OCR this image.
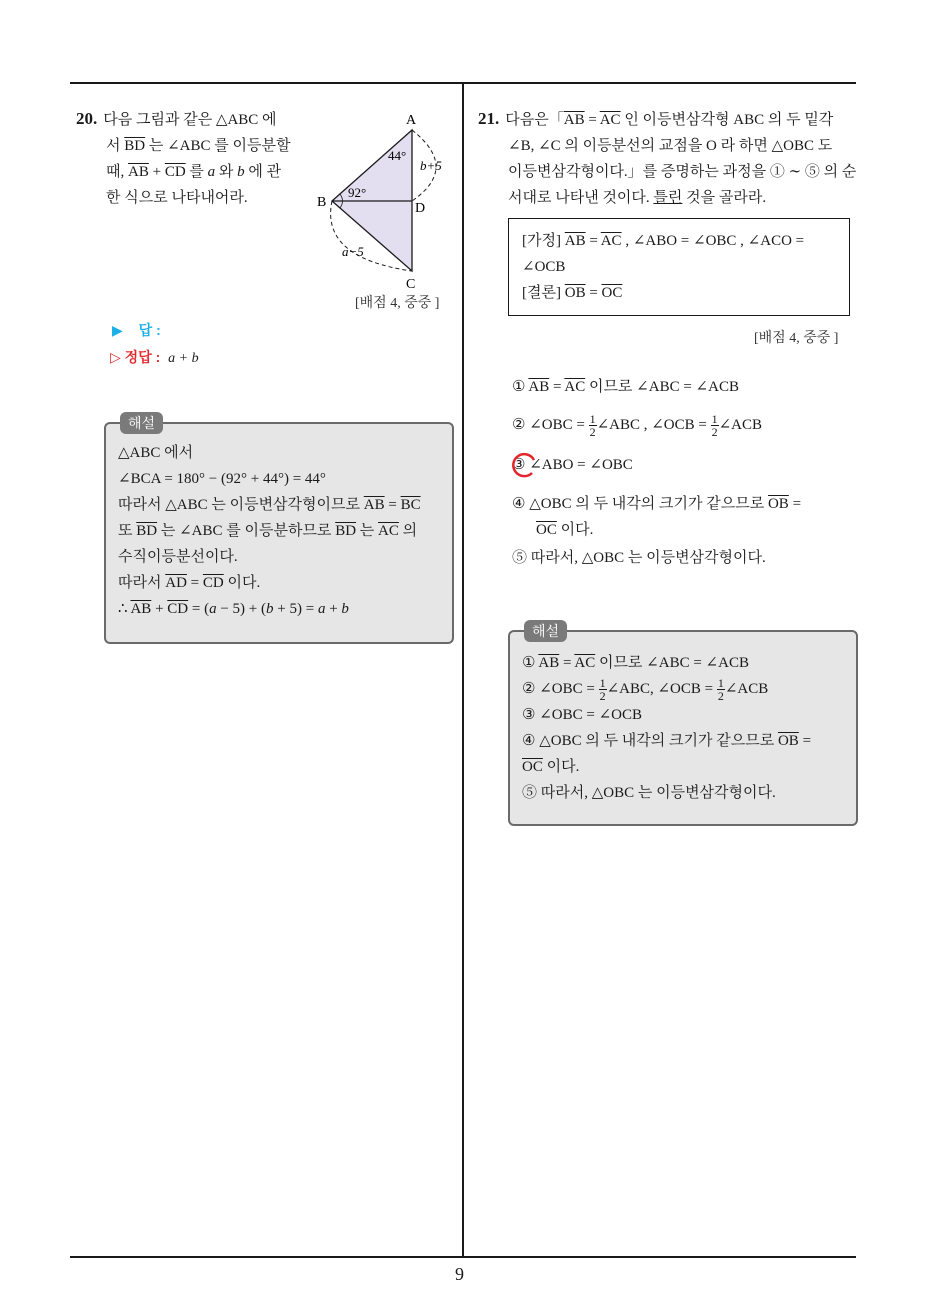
9
20. 다음 그림과 같은 △ABC 에
서 $\overline{BD}$ 는 ∠ABC 를 이등분할
때, $\overline{AB} + \overline{CD}$ 를 a 와 b 에 관
한 식으로 나타내어라.
A
B
C
D
44°
92°
b+5
a−5
[배점 4, 중중 ]
▶ 답 :
▷ 정답 : a + b
해설
△ABC 에서
∠BCA = 180° − (92° + 44°) = 44°
따라서 △ABC 는 이등변삼각형이므로 $\overline{AB} = \overline{BC}$
또 $\overline{BD}$ 는 ∠ABC 를 이등분하므로 $\overline{BD}$ 는 $\overline{AC}$ 의
수직이등분선이다.
따라서 $\overline{AD} = \overline{CD}$ 이다.
∴ $\overline{AB} + \overline{CD} = (a - 5) + (b + 5) = a + b$
21. 다음은「$\overline{AB} = \overline{AC}$ 인 이등변삼각형 ABC 의 두 밑각
∠B, ∠C 의 이등분선의 교점을 O 라 하면 △OBC 도
이등변삼각형이다.」를 증명하는 과정을 ① ∼ ⑤ 의 순
서대로 나타낸 것이다. 틀린 것을 골라라.
[가정] $\overline{AB} = \overline{AC}$ , ∠ABO = ∠OBC , ∠ACO =
∠OCB
[결론] $\overline{OB} = \overline{OC}$
[배점 4, 중중 ]
① $\overline{AB} = \overline{AC}$ 이므로 ∠ABC = ∠ACB
② ∠OBC = $\frac{1}{2}$ ∠ABC , ∠OCB = $\frac{1}{2}$ ∠ACB
③ ∠ABO = ∠OBC
④ △OBC 의 두 내각의 크기가 같으므로 $\overline{OB}$ =
$\overline{OC}$ 이다.
⑤ 따라서, △OBC 는 이등변삼각형이다.
해설
① $\overline{AB} = \overline{AC}$ 이므로 ∠ABC = ∠ACB
② ∠OBC = $\frac{1}{2}$ ∠ABC, ∠OCB = $\frac{1}{2}$ ∠ACB
③ ∠OBC = ∠OCB
④ △OBC 의 두 내각의 크기가 같으므로 $\overline{OB}$ =
$\overline{OC}$ 이다.
⑤ 따라서, △OBC 는 이등변삼각형이다.
